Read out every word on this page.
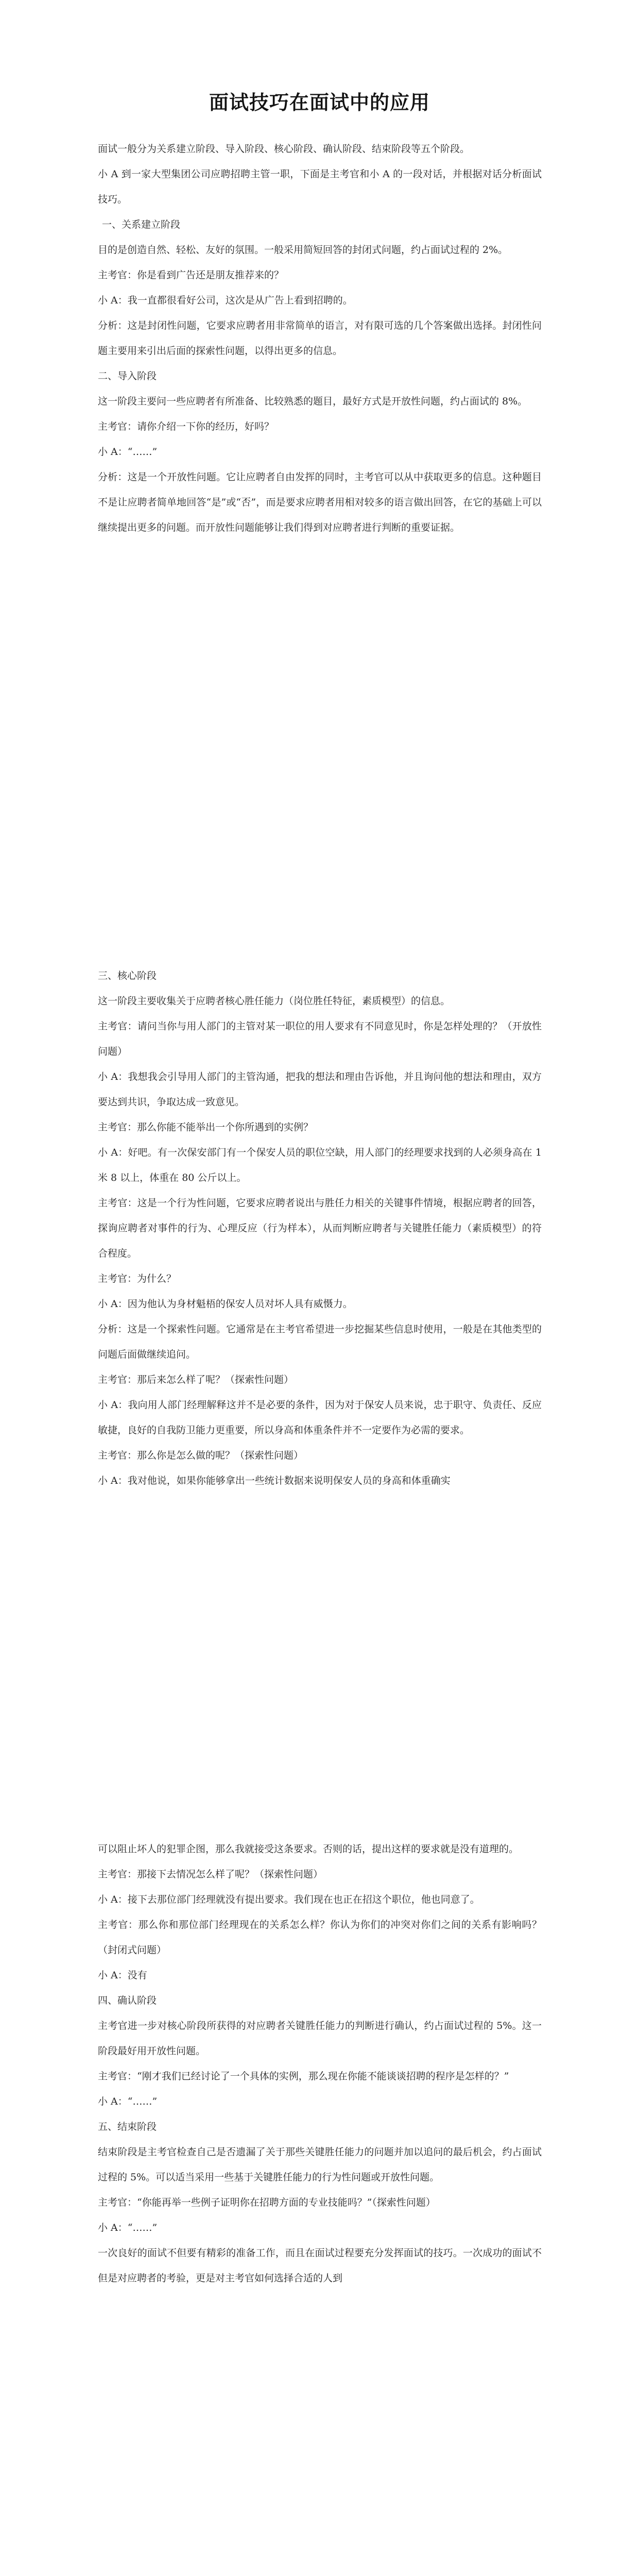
面试技巧在面试中的应用

面试一般分为关系建立阶段、导入阶段、核心阶段、确认阶段、结束阶段等五个阶段。

小 A 到一家大型集团公司应聘招聘主管一职，下面是主考官和小 A 的一段对话，并根据对话分析面试技巧。

一、关系建立阶段

目的是创造自然、轻松、友好的氛围。一般采用简短回答的封闭式问题，约占面试过程的 2%。

主考官：你是看到广告还是朋友推荐来的？

小 A：我一直都很看好公司，这次是从广告上看到招聘的。

分析：这是封闭性问题，它要求应聘者用非常简单的语言，对有限可选的几个答案做出选择。封闭性问题主要用来引出后面的探索性问题，以得出更多的信息。

二、导入阶段

这一阶段主要问一些应聘者有所准备、比较熟悉的题目，最好方式是开放性问题，约占面试的 8%。

主考官：请你介绍一下你的经历，好吗？

小 A：“……”

分析：这是一个开放性问题。它让应聘者自由发挥的同时，主考官可以从中获取更多的信息。这种题目不是让应聘者简单地回答“是”或“否”，而是要求应聘者用相对较多的语言做出回答，在它的基础上可以继续提出更多的问题。而开放性问题能够让我们得到对应聘者进行判断的重要证据。

三、核心阶段

这一阶段主要收集关于应聘者核心胜任能力（岗位胜任特征，素质模型）的信息。

主考官：请问当你与用人部门的主管对某一职位的用人要求有不同意见时，你是怎样处理的？（开放性问题）

小 A：我想我会引导用人部门的主管沟通，把我的想法和理由告诉他，并且询问他的想法和理由，双方要达到共识，争取达成一致意见。

主考官：那么你能不能举出一个你所遇到的实例？

小 A：好吧。有一次保安部门有一个保安人员的职位空缺，用人部门的经理要求找到的人必须身高在 1 米 8 以上，体重在 80 公斤以上。

主考官：这是一个行为性问题，它要求应聘者说出与胜任力相关的关键事件情境，根据应聘者的回答，探询应聘者对事件的行为、心理反应（行为样本），从而判断应聘者与关键胜任能力（素质模型）的符合程度。

主考官：为什么？

小 A：因为他认为身材魁梧的保安人员对坏人具有威慑力。

分析：这是一个探索性问题。它通常是在主考官希望进一步挖掘某些信息时使用，一般是在其他类型的问题后面做继续追问。

主考官：那后来怎么样了呢？（探索性问题）

小 A：我向用人部门经理解释这并不是必要的条件，因为对于保安人员来说，忠于职守、负责任、反应敏捷，良好的自我防卫能力更重要，所以身高和体重条件并不一定要作为必需的要求。

主考官：那么你是怎么做的呢？（探索性问题）

小 A：我对他说，如果你能够拿出一些统计数据来说明保安人员的身高和体重确实

可以阻止坏人的犯罪企图，那么我就接受这条要求。否则的话，提出这样的要求就是没有道理的。

主考官：那接下去情况怎么样了呢？（探索性问题）

小 A：接下去那位部门经理就没有提出要求。我们现在也正在招这个职位，他也同意了。

主考官：那么你和那位部门经理现在的关系怎么样？你认为你们的冲突对你们之间的关系有影响吗？（封闭式问题）

小 A：没有

四、确认阶段

主考官进一步对核心阶段所获得的对应聘者关键胜任能力的判断进行确认，约占面试过程的 5%。这一阶段最好用开放性问题。

主考官：“刚才我们已经讨论了一个具体的实例，那么现在你能不能谈谈招聘的程序是怎样的？”

小 A：“……”

五、结束阶段

结束阶段是主考官检查自己是否遗漏了关于那些关键胜任能力的问题并加以追问的最后机会，约占面试过程的 5%。可以适当采用一些基于关键胜任能力的行为性问题或开放性问题。

主考官：“你能再举一些例子证明你在招聘方面的专业技能吗？”（探索性问题）

小 A：“……”

一次良好的面试不但要有精彩的准备工作，而且在面试过程要充分发挥面试的技巧。一次成功的面试不但是对应聘者的考验，更是对主考官如何选择合适的人到
